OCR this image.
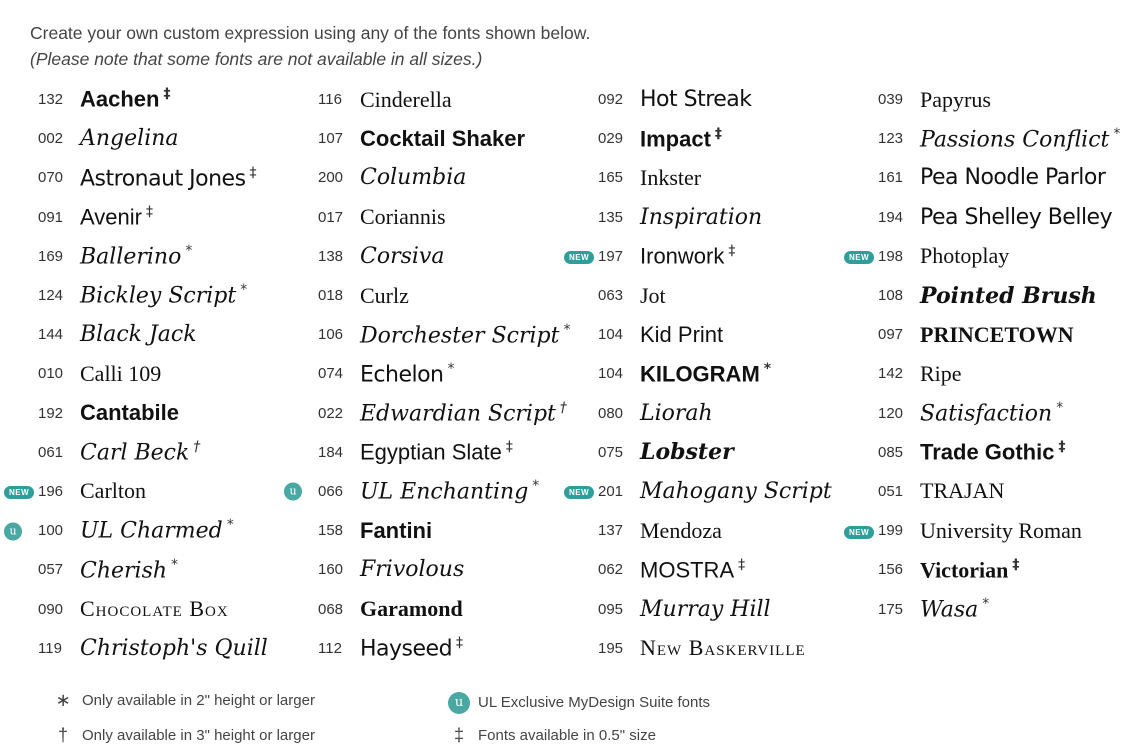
Create your own custom expression using any of the fonts shown below.
(Please note that some fonts are not available in all sizes.)
132 Aachen ‡
002 Angelina
070 Astronaut Jones ‡
091 Avenir ‡
169 Ballerino *
124 Bickley Script *
144 Black Jack
010 Calli 109
192 Cantabile
061 Carl Beck †
NEW 196 Carlton
u	100 UL Charmed *
057 Cherish *
090 Chocolate Box
119 Christoph's Quill
116 Cinderella
107 Cocktail Shaker
200 Columbia
017 Coriannis
138 Corsiva
018 Curlz
106 Dorchester Script *
074 Echelon *
022 Edwardian Script †
184 Egyptian Slate ‡
u	066 UL Enchanting *
158 Fantini
160 Frivolous
068 Garamond
112 Hayseed ‡
092 Hot Streak
029 Impact ‡
165 Inkster
135 Inspiration
NEW 197 Ironwork ‡
063 Jot
104 Kid Print
104 KILOGRAM *
080 Liorah
075 Lobster
NEW 201 Mahogany Script
137 Mendoza
062 MOSTRA ‡
095 Murray Hill
195 New Baskerville
039 Papyrus
123 Passions Conflict *
161 Pea Noodle Parlor
194 Pea Shelley Belley
NEW 198 Photoplay
108 Pointed Brush
097 PRINCETOWN
142 Ripe
120 Satisfaction *
085 Trade Gothic ‡
051 TRAJAN
NEW 199 University Roman
156 Victorian ‡
175 Wasa *
∗ Only available in 2" height or larger
† Only available in 3" height or larger
u UL Exclusive MyDesign Suite fonts
‡ Fonts available in 0.5" size
